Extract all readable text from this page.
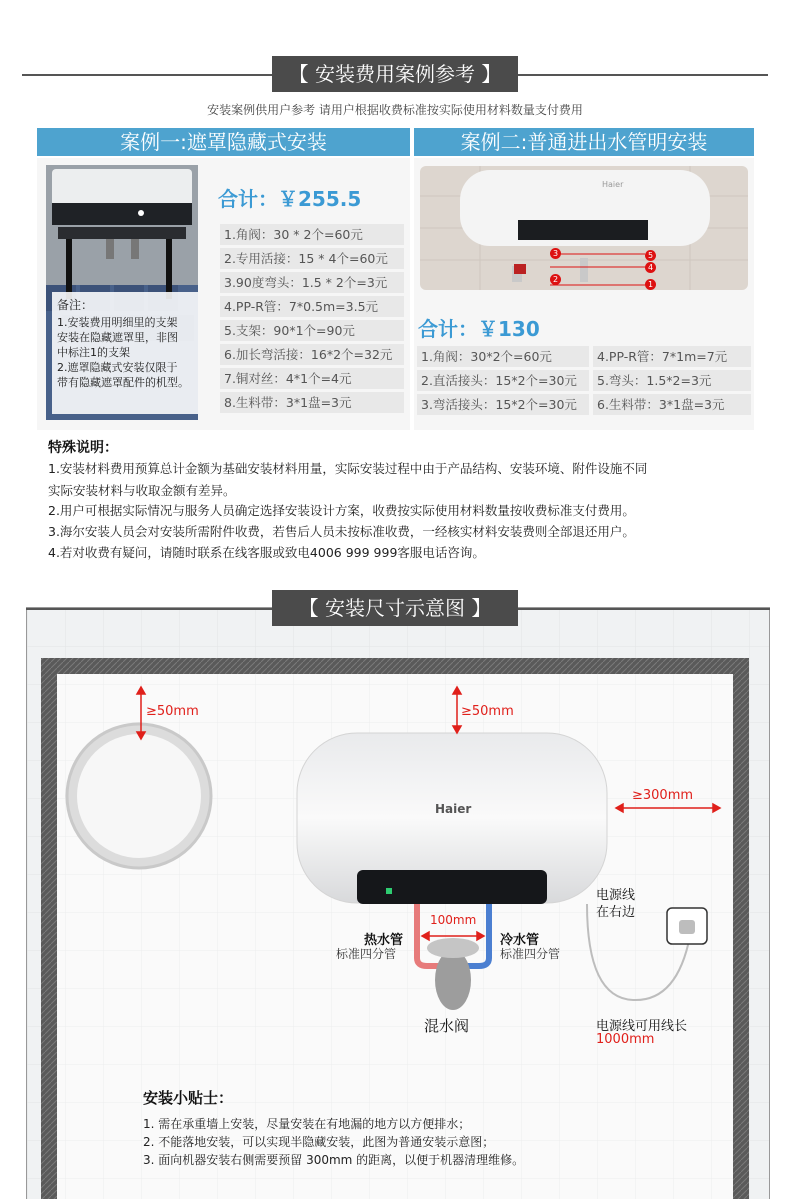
【 安装费用案例参考 】
安装案例供用户参考 请用户根据收费标准按实际使用材料数量支付费用
案例一:遮罩隐藏式安装
备注：
1.安装费用明细里的支架
安装在隐藏遮罩里，非图
中标注1的支架
2.遮罩隐藏式安装仅限于
带有隐藏遮罩配件的机型。
合计：￥255.5
1.角阀：30 * 2个=60元
2.专用活接：15 * 4个=60元
3.90度弯头：1.5 * 2个=3元
4.PP-R管：7*0.5m=3.5元
5.支架：90*1个=90元
6.加长弯活接：16*2个=32元
7.铜对丝：4*1个=4元
8.生料带：3*1盘=3元
案例二:普通进出水管明安装
Haier
5
4
1
3
2
合计：￥130
1.角阀：30*2个=60元
2.直活接头：15*2个=30元
3.弯活接头：15*2个=30元
4.PP-R管：7*1m=7元
5.弯头：1.5*2=3元
6.生料带：3*1盘=3元
特殊说明：
1.安装材料费用预算总计金额为基础安装材料用量，实际安装过程中由于产品结构、安装环境、附件设施不同
实际安装材料与收取金额有差异。
2.用户可根据实际情况与服务人员确定选择安装设计方案，收费按实际使用材料数量按收费标准支付费用。
3.海尔安装人员会对安装所需附件收费，若售后人员未按标准收费，一经核实材料安装费则全部退还用户。
4.若对收费有疑问，请随时联系在线客服或致电4006 999 999客服电话咨询。
【 安装尺寸示意图 】
≥50mm	≥50mm
≥300mm
Haier
100mm
热水管
标准四分管
冷水管
标准四分管
混水阀
电源线
在右边
电源线可用线长
1000mm
安装小贴士：
1. 需在承重墙上安装，尽量安装在有地漏的地方以方便排水；
2. 不能落地安装，可以实现半隐藏安装，此图为普通安装示意图；
3. 面向机器安装右侧需要预留 300mm 的距离，以便于机器清理维修。
